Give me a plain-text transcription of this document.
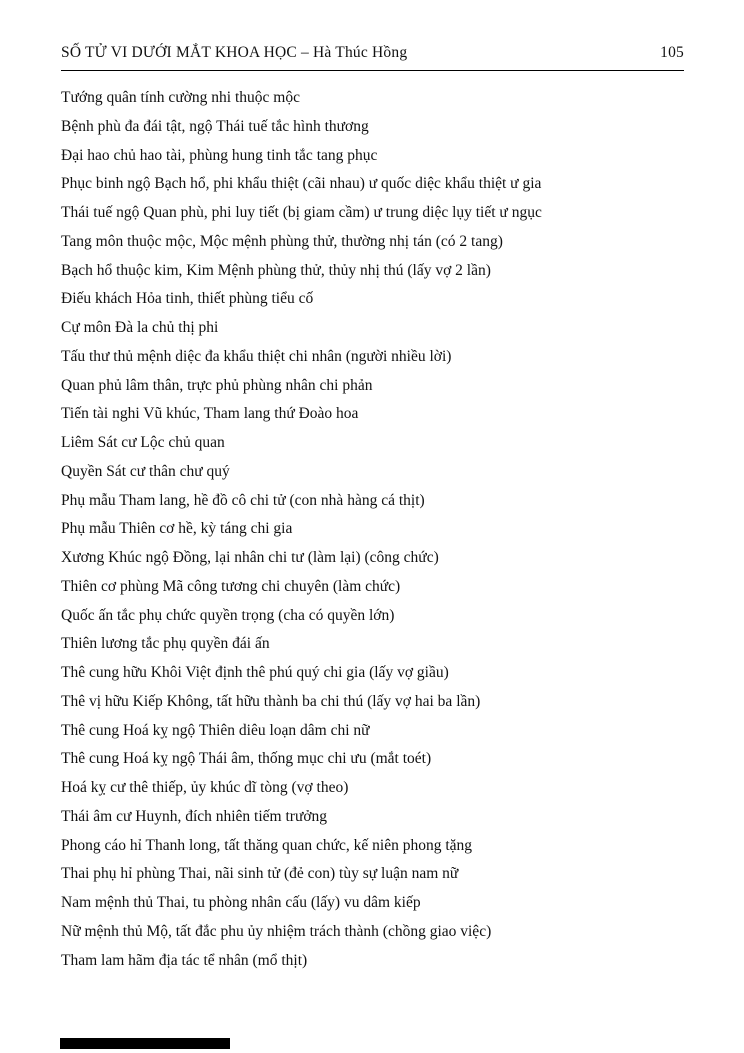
SỐ TỬ VI DƯỚI MẮT KHOA HỌC – Hà Thúc Hồng	105
Tướng quân tính cường nhi thuộc mộc
Bệnh phù đa đái tật, ngộ Thái tuế tắc hình thương
Đại hao chủ hao tài, phùng hung tinh tắc tang phục
Phục binh ngộ Bạch hổ, phi khẩu thiệt (cãi nhau) ư quốc diệc khẩu thiệt ư gia
Thái tuế ngộ Quan phù, phi luy tiết (bị giam cầm) ư trung diệc lụy tiết ư ngục
Tang môn thuộc mộc, Mộc mệnh phùng thử, thường nhị tán (có 2 tang)
Bạch hổ thuộc kim, Kim Mệnh phùng thử, thủy nhị thú (lấy vợ 2 lần)
Điếu khách Hỏa tinh, thiết phùng tiểu cố
Cự môn Đà la chủ thị phi
Tấu thư thủ mệnh diệc đa khẩu thiệt chi nhân (người nhiều lời)
Quan phủ lâm thân, trực phủ phùng nhân chi phản
Tiến tài nghi Vũ khúc, Tham lang thứ Đoào hoa
Liêm Sát cư Lộc chủ quan
Quyền Sát cư thân chư quý
Phụ mẫu Tham lang, hề đồ cô chi tử (con nhà hàng cá thịt)
Phụ mẫu Thiên cơ hề, kỳ táng chi gia
Xương Khúc ngộ Đồng, lại nhân chi tư (làm lại) (công chức)
Thiên cơ phùng Mã công tương chi chuyên (làm chức)
Quốc ấn tắc phụ chức quyền trọng (cha có quyền lớn)
Thiên lương tắc phụ quyền đái ấn
Thê cung hữu Khôi Việt định thê phú quý chi gia (lấy vợ giầu)
Thê vị hữu Kiếp Không, tất hữu thành ba chi thú (lấy vợ hai ba lần)
Thê cung Hoá kỵ ngộ Thiên diêu loạn dâm chi nữ
Thê cung Hoá kỵ ngộ Thái âm, thống mục chi ưu (mắt toét)
Hoá kỵ cư thê thiếp, ủy khúc dĩ tòng (vợ theo)
Thái âm cư Huynh, đích nhiên tiếm trưởng
Phong cáo hỉ Thanh long, tất thăng quan chức, kế niên phong tặng
Thai phụ hỉ phùng Thai, nãi sinh tử (đẻ con) tùy sự luận nam nữ
Nam mệnh thủ Thai, tu phòng nhân cấu (lấy) vu dâm kiếp
Nữ mệnh thủ Mộ, tất đắc phu ủy nhiệm trách thành (chồng giao việc)
Tham lam hãm địa tác tể nhân (mổ thịt)
